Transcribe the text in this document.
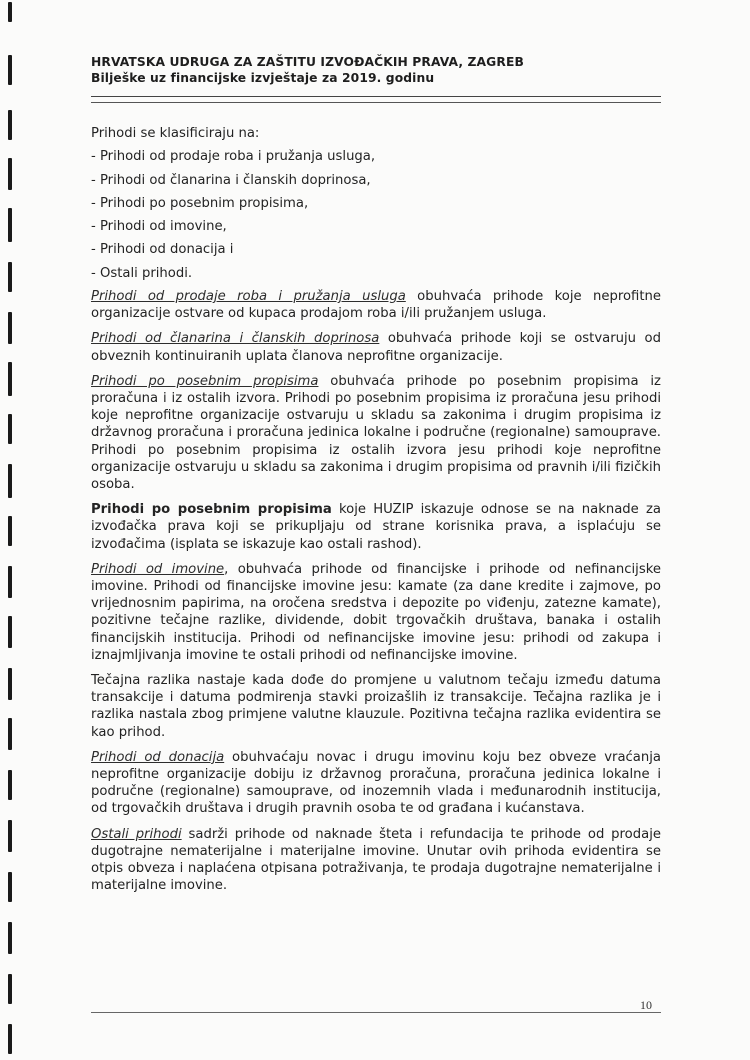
HRVATSKA UDRUGA ZA ZAŠTITU IZVOĐAČKIH PRAVA, ZAGREB
Bilješke uz financijske izvještaje za 2019. godinu

Prihodi se klasificiraju na:

- Prihodi od prodaje roba i pružanja usluga,
- Prihodi od članarina i članskih doprinosa,
- Prihodi po posebnim propisima,
- Prihodi od imovine,
- Prihodi od donacija i
- Ostali prihodi.

Prihodi od prodaje roba i pružanja usluga obuhvaća prihode koje neprofitne organizacije ostvare od kupaca prodajom roba i/ili pružanjem usluga.

Prihodi od članarina i članskih doprinosa obuhvaća prihode koji se ostvaruju od obveznih kontinuiranih uplata članova neprofitne organizacije.

Prihodi po posebnim propisima obuhvaća prihode po posebnim propisima iz proračuna i iz ostalih izvora. Prihodi po posebnim propisima iz proračuna jesu prihodi koje neprofitne organizacije ostvaruju u skladu sa zakonima i drugim propisima iz državnog proračuna i proračuna jedinica lokalne i područne (regionalne) samouprave. Prihodi po posebnim propisima iz ostalih izvora jesu prihodi koje neprofitne organizacije ostvaruju u skladu sa zakonima i drugim propisima od pravnih i/ili fizičkih osoba.

Prihodi po posebnim propisima koje HUZIP iskazuje odnose se na naknade za izvođačka prava koji se prikupljaju od strane korisnika prava, a isplaćuju se izvođačima (isplata se iskazuje kao ostali rashod).

Prihodi od imovine, obuhvaća prihode od financijske i prihode od nefinancijske imovine. Prihodi od financijske imovine jesu: kamate (za dane kredite i zajmove, po vrijednosnim papirima, na oročena sredstva i depozite po viđenju, zatezne kamate), pozitivne tečajne razlike, dividende, dobit trgovačkih društava, banaka i ostalih financijskih institucija. Prihodi od nefinancijske imovine jesu: prihodi od zakupa i iznajmljivanja imovine te ostali prihodi od nefinancijske imovine.

Tečajna razlika nastaje kada dođe do promjene u valutnom tečaju između datuma transakcije i datuma podmirenja stavki proizašlih iz transakcije. Tečajna razlika je i razlika nastala zbog primjene valutne klauzule. Pozitivna tečajna razlika evidentira se kao prihod.

Prihodi od donacija obuhvaćaju novac i drugu imovinu koju bez obveze vraćanja neprofitne organizacije dobiju iz državnog proračuna, proračuna jedinica lokalne i područne (regionalne) samouprave, od inozemnih vlada i međunarodnih institucija, od trgovačkih društava i drugih pravnih osoba te od građana i kućanstava.

Ostali prihodi sadrži prihode od naknade šteta i refundacija te prihode od prodaje dugotrajne nematerijalne i materijalne imovine. Unutar ovih prihoda evidentira se otpis obveza i naplaćena otpisana potraživanja, te prodaja dugotrajne nematerijalne i materijalne imovine.

10
